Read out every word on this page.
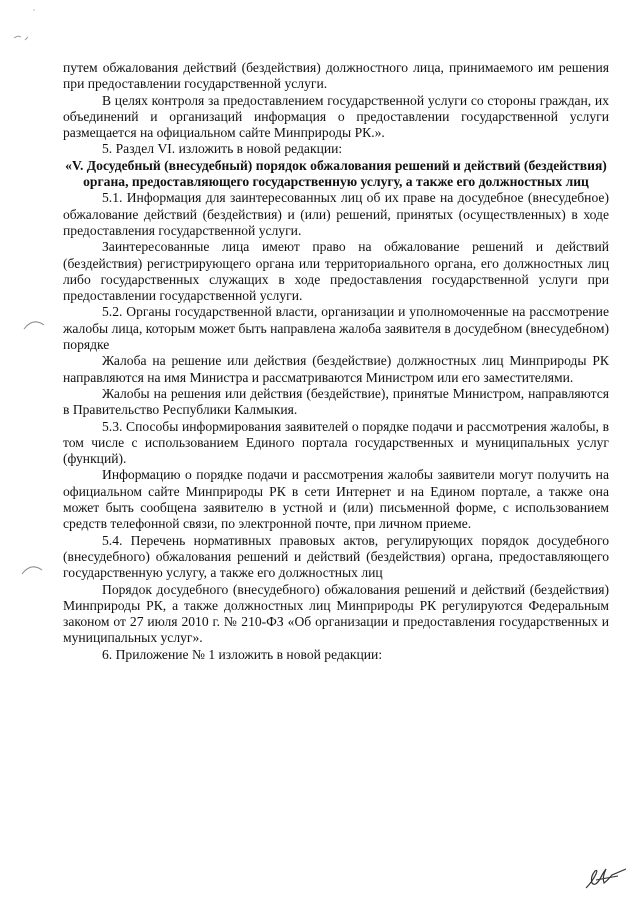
путем обжалования действий (бездействия) должностного лица, принимаемого им решения при предоставлении государственной услуги.

В целях контроля за предоставлением государственной услуги со стороны граждан, их объединений и организаций информация о предоставлении государственной услуги размещается на официальном сайте Минприроды РК.».

5. Раздел VI. изложить в новой редакции:

«V. Досудебный (внесудебный) порядок обжалования решений и действий (бездействия) органа, предоставляющего государственную услугу, а также его должностных лиц

5.1. Информация для заинтересованных лиц об их праве на досудебное (внесудебное) обжалование действий (бездействия) и (или) решений, принятых (осуществленных) в ходе предоставления государственной услуги.

Заинтересованные лица имеют право на обжалование решений и действий (бездействия) регистрирующего органа или территориального органа, его должностных лиц либо государственных служащих в ходе предоставления государственной услуги при предоставлении государственной услуги.

5.2. Органы государственной власти, организации и уполномоченные на рассмотрение жалобы лица, которым может быть направлена жалоба заявителя в досудебном (внесудебном) порядке

Жалоба на решение или действия (бездействие) должностных лиц Минприроды РК направляются на имя Министра и рассматриваются Министром или его заместителями.

Жалобы на решения или действия (бездействие), принятые Министром, направляются в Правительство Республики Калмыкия.

5.3. Способы информирования заявителей о порядке подачи и рассмотрения жалобы, в том числе с использованием Единого портала государственных и муниципальных услуг (функций).

Информацию о порядке подачи и рассмотрения жалобы заявители могут получить на официальном сайте Минприроды РК в сети Интернет и на Едином портале, а также она может быть сообщена заявителю в устной и (или) письменной форме, с использованием средств телефонной связи, по электронной почте, при личном приеме.

5.4. Перечень нормативных правовых актов, регулирующих порядок досудебного (внесудебного) обжалования решений и действий (бездействия) органа, предоставляющего государственную услугу, а также его должностных лиц

Порядок досудебного (внесудебного) обжалования решений и действий (бездействия) Минприроды РК, а также должностных лиц Минприроды РК регулируются Федеральным законом от 27 июля 2010 г. № 210-ФЗ «Об организации и предоставления государственных и муниципальных услуг».

6. Приложение № 1 изложить в новой редакции:
